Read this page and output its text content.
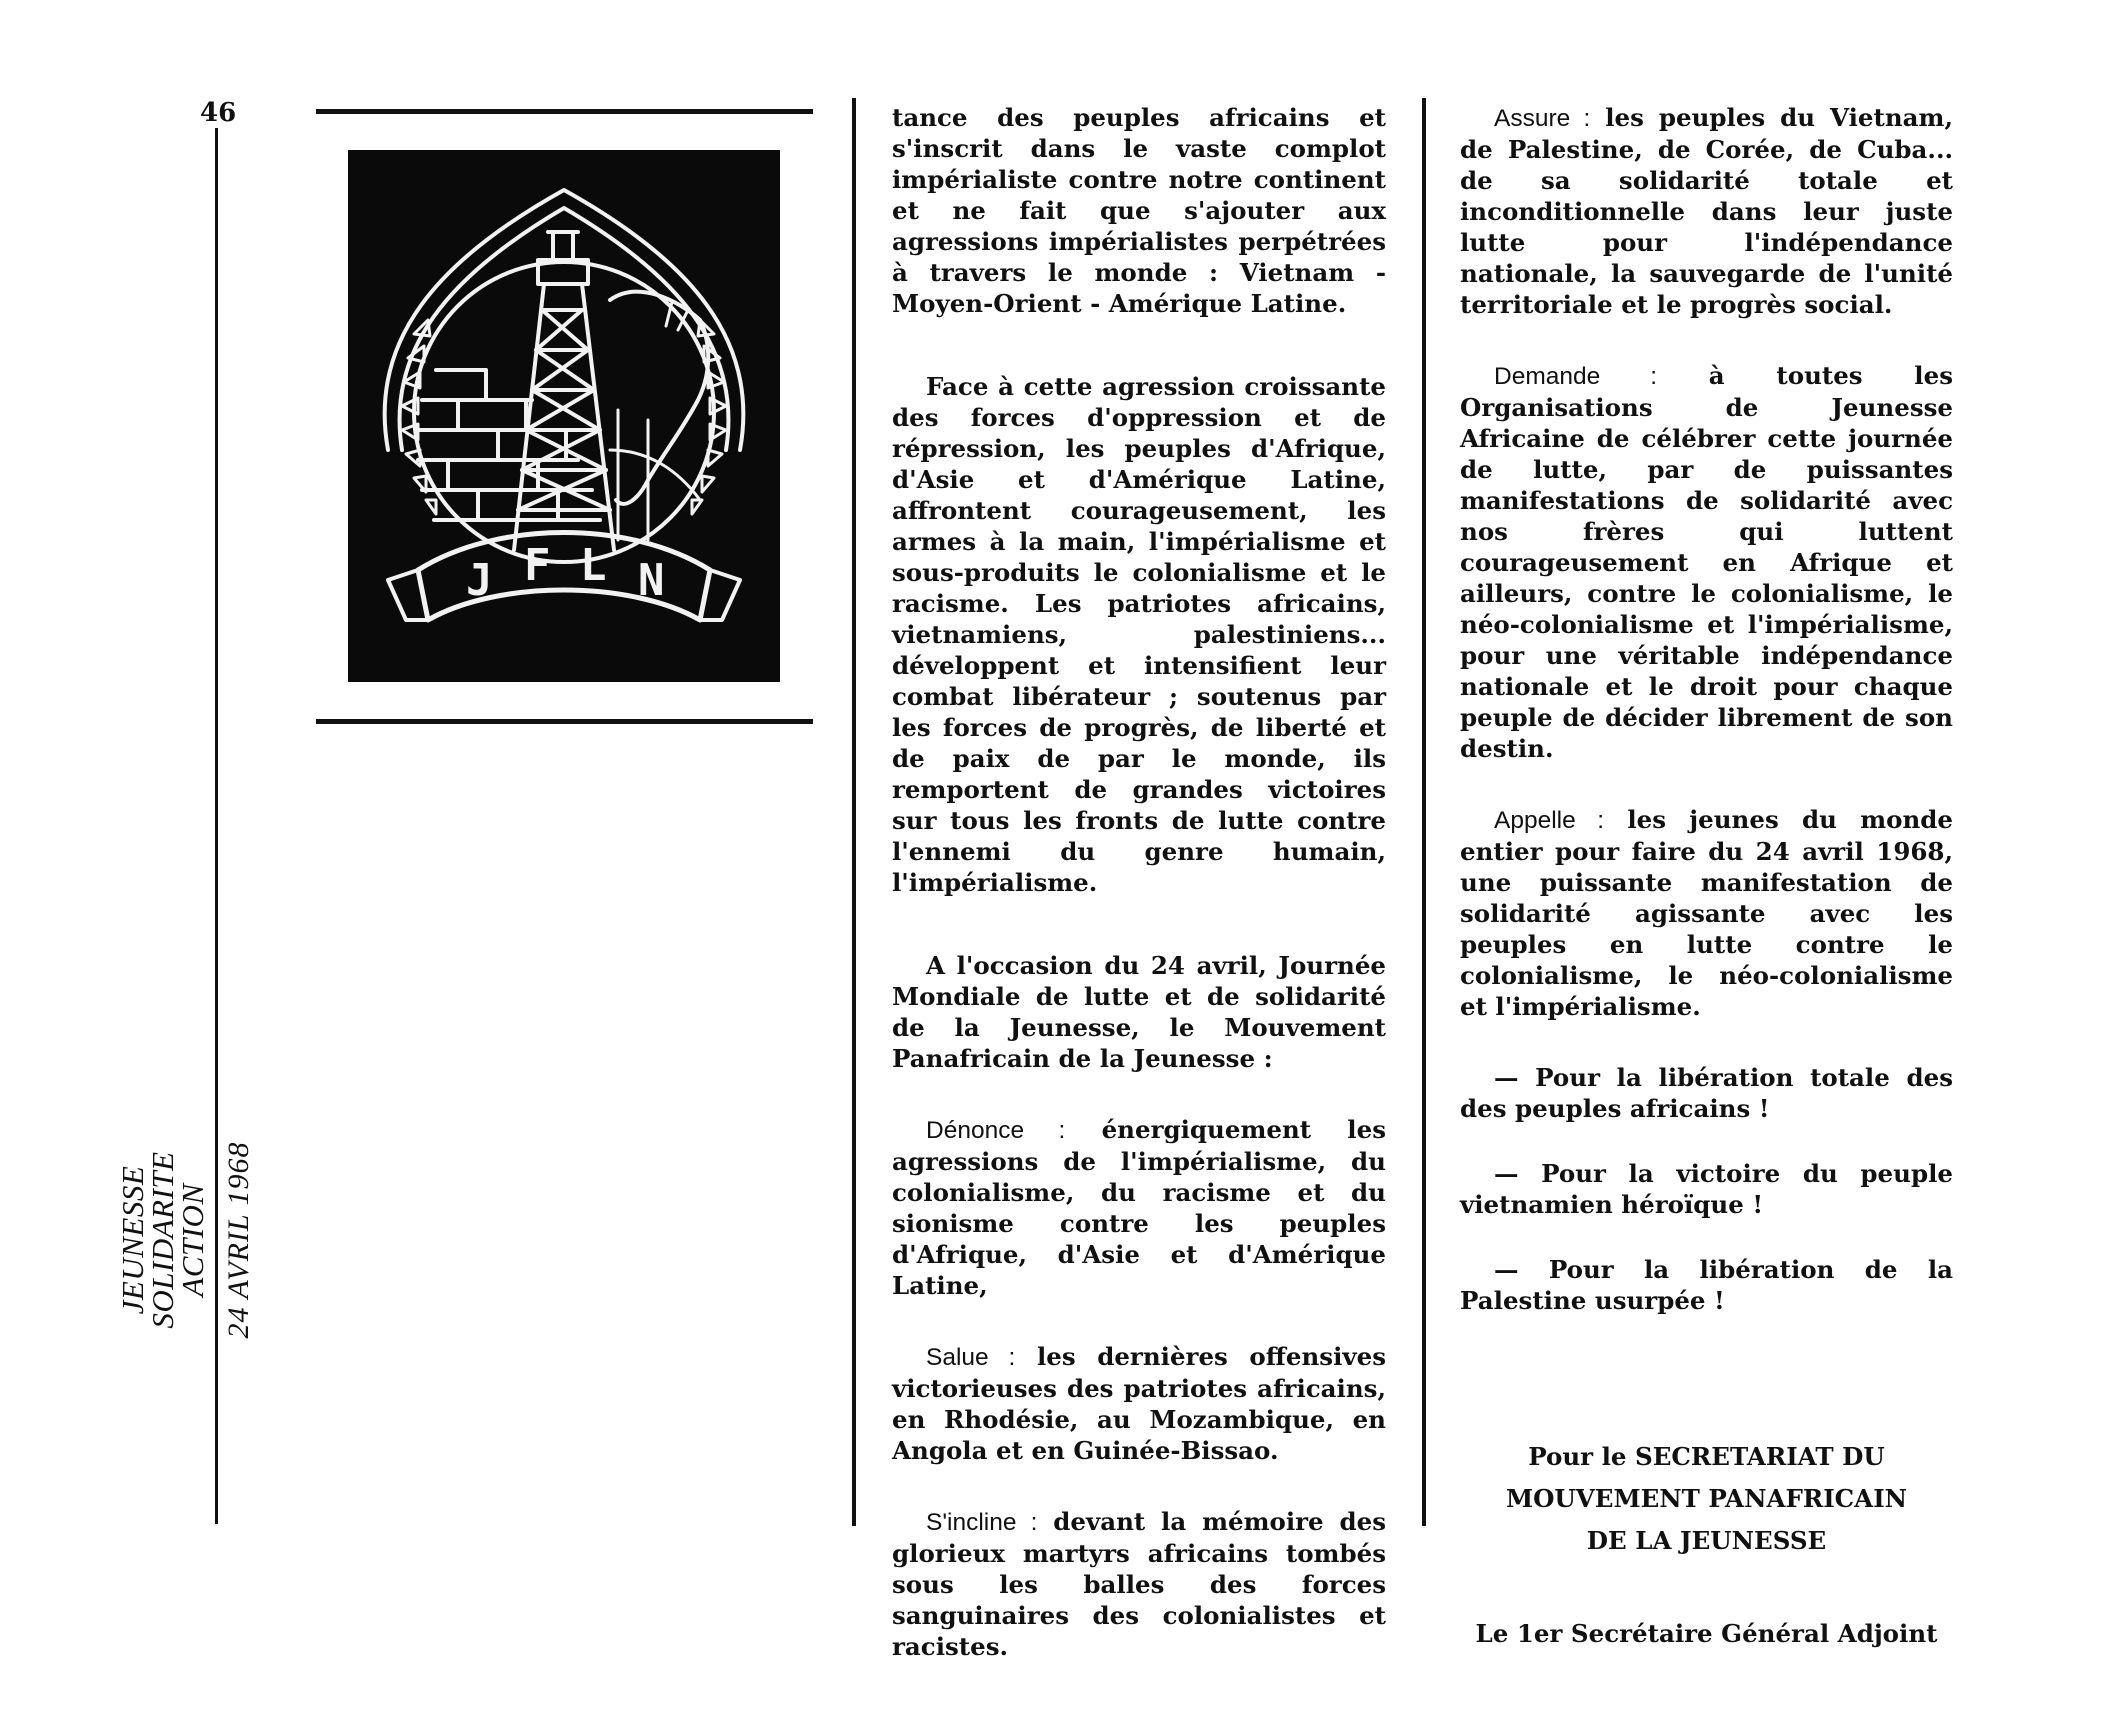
46
JEUNESSE
SOLIDARITE
ACTION 24 AVRIL 1968
J F L N

tance des peuples africains et s'inscrit dans le vaste complot impérialiste contre notre continent et ne fait que s'ajouter aux agressions impérialistes perpétrées à travers le monde : Vietnam - Moyen-Orient - Amérique Latine.

Face à cette agression croissante des forces d'oppression et de répression, les peuples d'Afrique, d'Asie et d'Amérique Latine, affrontent courageusement, les armes à la main, l'impérialisme et sous-produits le colonialisme et le racisme. Les patriotes africains, vietnamiens, palestiniens... développent et intensifient leur combat libérateur ; soutenus par les forces de progrès, de liberté et de paix de par le monde, ils remportent de grandes victoires sur tous les fronts de lutte contre l'ennemi du genre humain, l'impérialisme.

A l'occasion du 24 avril, Journée Mondiale de lutte et de solidarité de la Jeunesse, le Mouvement Panafricain de la Jeunesse :

Dénonce : énergiquement les agressions de l'impérialisme, du colonialisme, du racisme et du sionisme contre les peuples d'Afrique, d'Asie et d'Amérique Latine,

Salue : les dernières offensives victorieuses des patriotes africains, en Rhodésie, au Mozambique, en Angola et en Guinée-Bissao.

S'incline : devant la mémoire des glorieux martyrs africains tombés sous les balles des forces sanguinaires des colonialistes et racistes.

Assure : les peuples du Vietnam, de Palestine, de Corée, de Cuba... de sa solidarité totale et inconditionnelle dans leur juste lutte pour l'indépendance nationale, la sauvegarde de l'unité territoriale et le progrès social.

Demande : à toutes les Organisations de Jeunesse Africaine de célébrer cette journée de lutte, par de puissantes manifestations de solidarité avec nos frères qui luttent courageusement en Afrique et ailleurs, contre le colonialisme, le néo-colonialisme et l'impérialisme, pour une véritable indépendance nationale et le droit pour chaque peuple de décider librement de son destin.

Appelle : les jeunes du monde entier pour faire du 24 avril 1968, une puissante manifestation de solidarité agissante avec les peuples en lutte contre le colonialisme, le néo-colonialisme et l'impérialisme.

— Pour la libération totale des des peuples africains !

— Pour la victoire du peuple vietnamien héroïque !

— Pour la libération de la Palestine usurpée !

Pour le SECRETARIAT DU
MOUVEMENT PANAFRICAIN
DE LA JEUNESSE

Le 1er Secrétaire Général Adjoint
